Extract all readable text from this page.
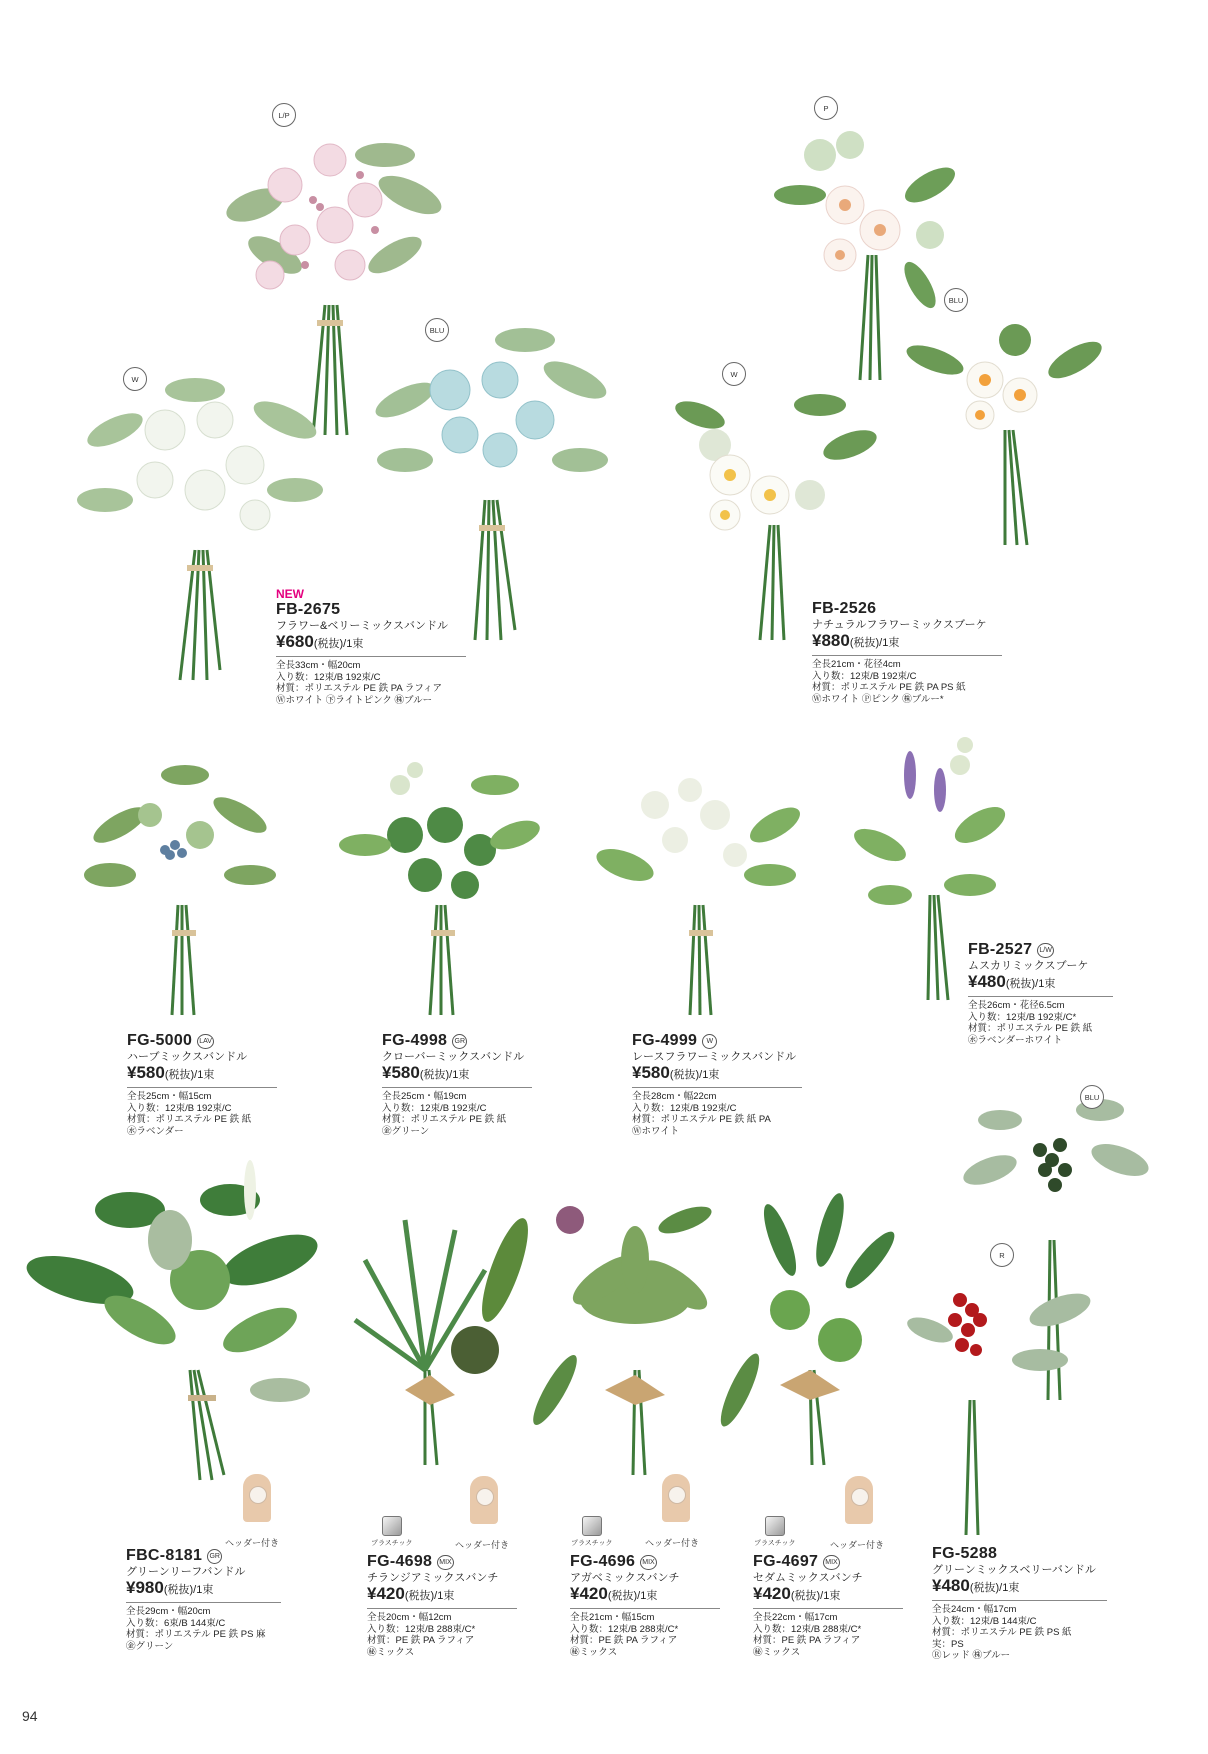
L/P
W
BLU
P
BLU
W
BLU
R
ヘッダー付き	プラスチック	ヘッダー付き	プラスチック	ヘッダー付き	プラスチック	ヘッダー付き
NEW
FB-2675
フラワー&ベリーミックスバンドル
¥680(税抜)/1束
全長33cm・幅20cm
入り数：12束/B 192束/C
材質：ポリエステル PE 鉄 PA ラフィア
Ⓦホワイト ㊦ライトピンク ㊑ブルー
FB-2526
ナチュラルフラワーミックスブーケ
¥880(税抜)/1束
全長21cm・花径4cm
入り数：12束/B 192束/C
材質：ポリエステル PE 鉄 PA PS 紙
Ⓦホワイト Ⓟピンク ㊑ブルー*
FG-5000 LAV
ハーブミックスバンドル
¥580(税抜)/1束
全長25cm・幅15cm
入り数：12束/B 192束/C
材質：ポリエステル PE 鉄 紙
㊌ラベンダー
FG-4998	GR
クローバーミックスバンドル
¥580(税抜)/1束
全長25cm・幅19cm
入り数：12束/B 192束/C
材質：ポリエステル PE 鉄 紙
㊎グリーン
FG-4999	W
レースフラワーミックスバンドル
¥580(税抜)/1束
全長28cm・幅22cm
入り数：12束/B 192束/C
材質：ポリエステル PE 鉄 紙 PA
Ⓦホワイト
FB-2527 L/W
ムスカリミックスブーケ
¥480(税抜)/1束
全長26cm・花径6.5cm
入り数：12束/B 192束/C*
材質：ポリエステル PE 鉄 紙
㊌ラベンダーホワイト
FBC-8181	GR
グリーンリーフバンドル
¥980(税抜)/1束
全長29cm・幅20cm
入り数：6束/B 144束/C
材質：ポリエステル PE 鉄 PS 麻
㊎グリーン
FG-4698 MIX
チランジアミックスバンチ
¥420(税抜)/1束
全長20cm・幅12cm
入り数：12束/B 288束/C*
材質：PE 鉄 PA ラフィア
㊙ミックス
FG-4696 MIX
アガベミックスバンチ
¥420(税抜)/1束
全長21cm・幅15cm
入り数：12束/B 288束/C*
材質：PE 鉄 PA ラフィア
㊙ミックス
FG-4697 MIX
セダムミックスバンチ
¥420(税抜)/1束
全長22cm・幅17cm
入り数：12束/B 288束/C*
材質：PE 鉄 PA ラフィア
㊙ミックス
FG-5288
グリーンミックスベリーバンドル
¥480(税抜)/1束
全長24cm・幅17cm
入り数：12束/B 144束/C
材質：ポリエステル PE 鉄 PS 紙
実：PS
Ⓡレッド ㊑ブルー
94
